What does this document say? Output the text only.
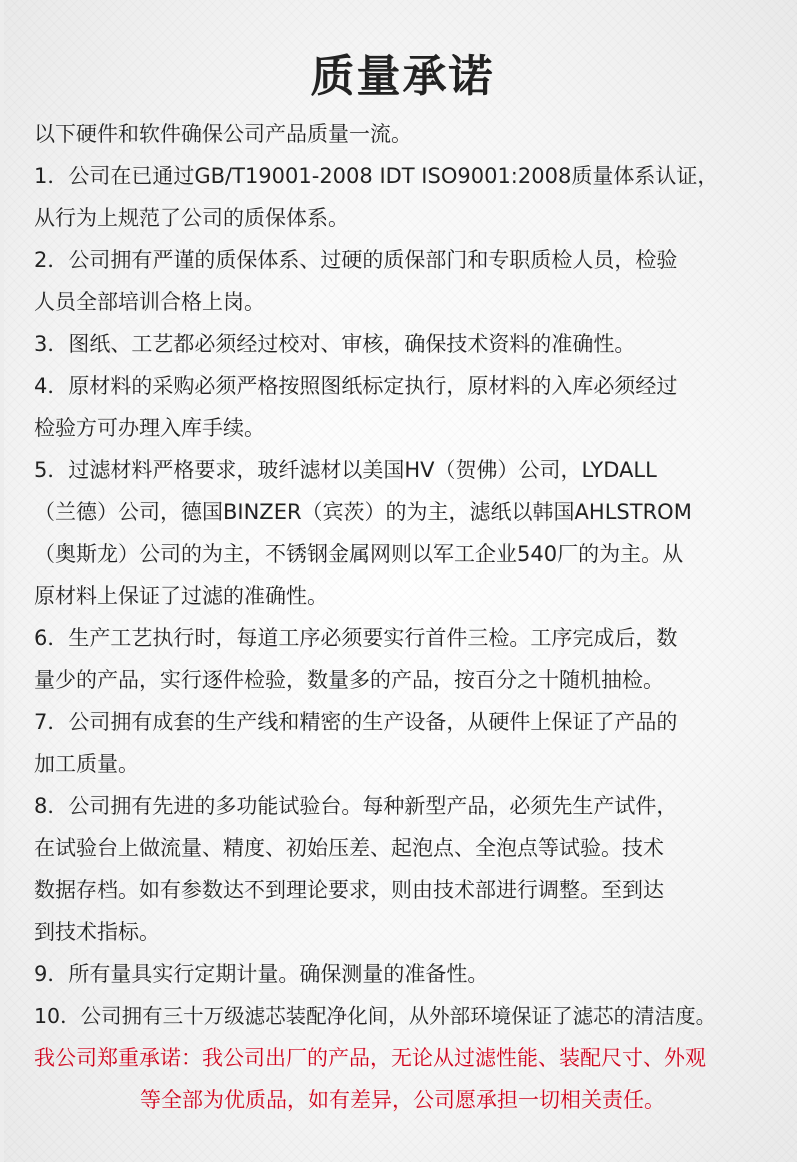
质量承诺
以下硬件和软件确保公司产品质量一流。
1．公司在已通过GB/T19001-2008 IDT ISO9001:2008质量体系认证，
从行为上规范了公司的质保体系。
2．公司拥有严谨的质保体系、过硬的质保部门和专职质检人员，检验
人员全部培训合格上岗。
3．图纸、工艺都必须经过校对、审核，确保技术资料的准确性。
4．原材料的采购必须严格按照图纸标定执行，原材料的入库必须经过
检验方可办理入库手续。
5．过滤材料严格要求，玻纤滤材以美国HV（贺佛）公司，LYDALL
（兰德）公司，德国BINZER（宾茨）的为主，滤纸以韩国AHLSTROM
（奥斯龙）公司的为主，不锈钢金属网则以军工企业540厂的为主。从
原材料上保证了过滤的准确性。
6．生产工艺执行时，每道工序必须要实行首件三检。工序完成后，数
量少的产品，实行逐件检验，数量多的产品，按百分之十随机抽检。
7．公司拥有成套的生产线和精密的生产设备，从硬件上保证了产品的
加工质量。
8．公司拥有先进的多功能试验台。每种新型产品，必须先生产试件，
在试验台上做流量、精度、初始压差、起泡点、全泡点等试验。技术
数据存档。如有参数达不到理论要求，则由技术部进行调整。至到达
到技术指标。
9．所有量具实行定期计量。确保测量的准备性。
10．公司拥有三十万级滤芯装配净化间，从外部环境保证了滤芯的清洁度。
我公司郑重承诺：我公司出厂的产品，无论从过滤性能、装配尺寸、外观
等全部为优质品，如有差异，公司愿承担一切相关责任。
